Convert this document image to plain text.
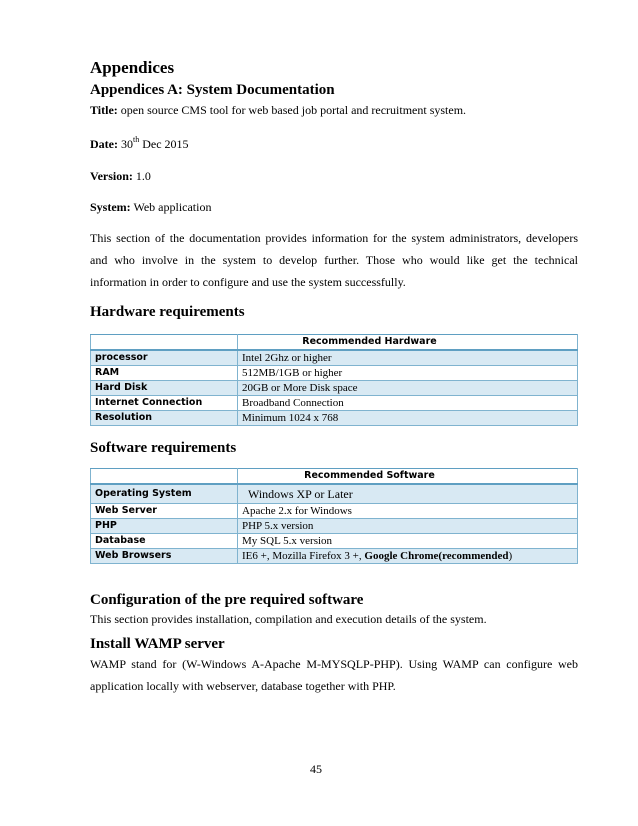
Appendices
Appendices A: System Documentation
Title: open source CMS tool for web based job portal and recruitment system.
Date: 30th Dec 2015
Version: 1.0
System: Web application
This section of the documentation provides information for the system administrators, developers
and who involve in the system to develop further. Those who would like get the technical
information in order to configure and use the system successfully.
Hardware requirements
	Recommended Hardware
processor	Intel 2Ghz or higher
RAM	512MB/1GB or higher
Hard Disk	20GB or More Disk space
Internet Connection	Broadband Connection
Resolution	Minimum 1024 x 768
Software requirements
	Recommended Software
Operating System	Windows XP or Later
Web Server	Apache 2.x for Windows
PHP	PHP 5.x version
Database	My SQL 5.x version
Web Browsers	IE6 +, Mozilla Firefox 3 +, Google Chrome(recommended)
Configuration of the pre required software
This section provides installation, compilation and execution details of the system.
Install WAMP server
WAMP stand for (W-Windows A-Apache M-MYSQLP-PHP). Using WAMP can configure web
application locally with webserver, database together with PHP.
45
